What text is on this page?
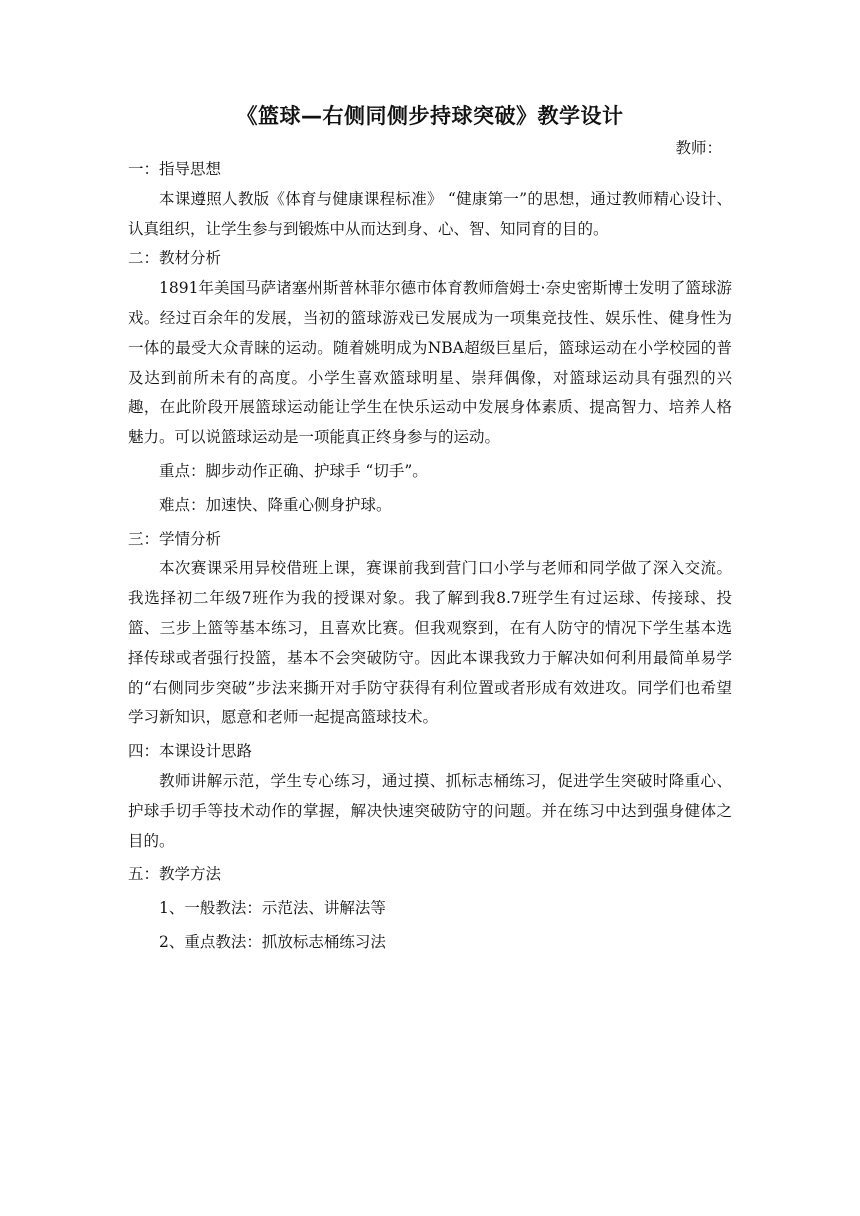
《篮球—右侧同侧步持球突破》教学设计
教师：

一：指导思想

本课遵照人教版《体育与健康课程标准》 “健康第一”的思想，通过教师精心设计、认真组织，让学生参与到锻炼中从而达到身、心、智、知同育的目的。

二：教材分析

1891年美国马萨诸塞州斯普林菲尔德市体育教师詹姆士·奈史密斯博士发明了篮球游戏。经过百余年的发展，当初的篮球游戏已发展成为一项集竞技性、娱乐性、健身性为一体的最受大众青睐的运动。随着姚明成为NBA超级巨星后，篮球运动在小学校园的普及达到前所未有的高度。小学生喜欢篮球明星、崇拜偶像，对篮球运动具有强烈的兴趣，在此阶段开展篮球运动能让学生在快乐运动中发展身体素质、提高智力、培养人格魅力。可以说篮球运动是一项能真正终身参与的运动。

重点：脚步动作正确、护球手 “切手”。

难点：加速快、降重心侧身护球。

三：学情分析

本次赛课采用异校借班上课，赛课前我到营门口小学与老师和同学做了深入交流。我选择初二年级7班作为我的授课对象。我了解到我8.7班学生有过运球、传接球、投篮、三步上篮等基本练习，且喜欢比赛。但我观察到，在有人防守的情况下学生基本选择传球或者强行投篮，基本不会突破防守。因此本课我致力于解决如何利用最简单易学的“右侧同步突破”步法来撕开对手防守获得有利位置或者形成有效进攻。同学们也希望学习新知识，愿意和老师一起提高篮球技术。

四：本课设计思路

教师讲解示范，学生专心练习，通过摸、抓标志桶练习，促进学生突破时降重心、护球手切手等技术动作的掌握，解决快速突破防守的问题。并在练习中达到强身健体之目的。

五：教学方法

1、一般教法：示范法、讲解法等

2、重点教法：抓放标志桶练习法
